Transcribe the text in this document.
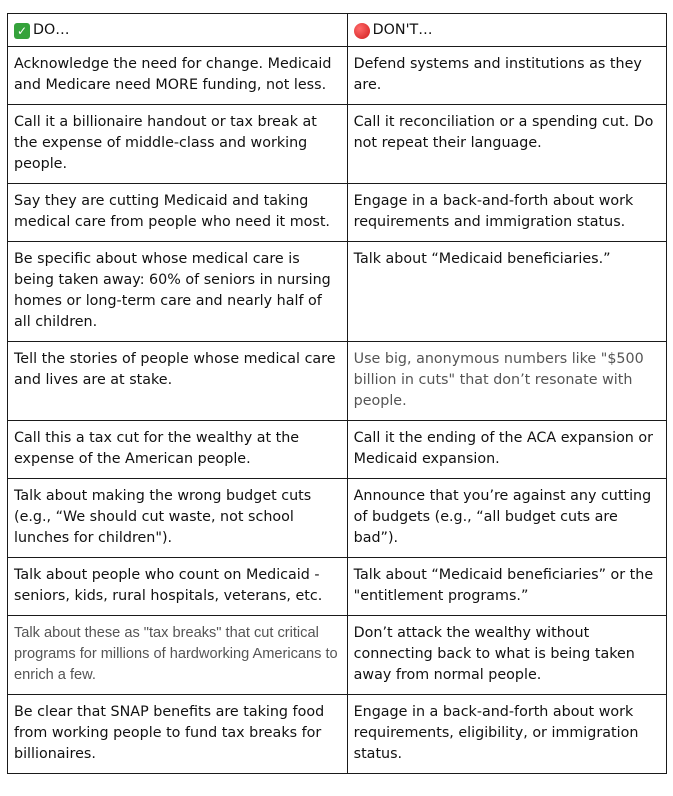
✓ DO…	DON'T…

Acknowledge the need for change. Medicaid and Medicare need MORE funding, not less.	Defend systems and institutions as they are.
Call it a billionaire handout or tax break at the expense of middle-class and working people.	Call it reconciliation or a spending cut. Do not repeat their language.
Say they are cutting Medicaid and taking medical care from people who need it most.	Engage in a back-and-forth about work requirements and immigration status.
Be specific about whose medical care is being taken away: 60% of seniors in nursing homes or long-term care and nearly half of all children.	Talk about “Medicaid beneficiaries.”
Tell the stories of people whose medical care and lives are at stake.	Use big, anonymous numbers like "$500 billion in cuts" that don’t resonate with people.
Call this a tax cut for the wealthy at the expense of the American people.	Call it the ending of the ACA expansion or Medicaid expansion.
Talk about making the wrong budget cuts (e.g., “We should cut waste, not school lunches for children").	Announce that you’re against any cutting of budgets (e.g., “all budget cuts are bad”).
Talk about people who count on Medicaid - seniors, kids, rural hospitals, veterans, etc.	Talk about “Medicaid beneficiaries” or the "entitlement programs.”
Talk about these as "tax breaks" that cut critical programs for millions of hardworking Americans to enrich a few.	Don’t attack the wealthy without connecting back to what is being taken away from normal people.
Be clear that SNAP benefits are taking food from working people to fund tax breaks for billionaires.	Engage in a back-and-forth about work requirements, eligibility, or immigration status.
